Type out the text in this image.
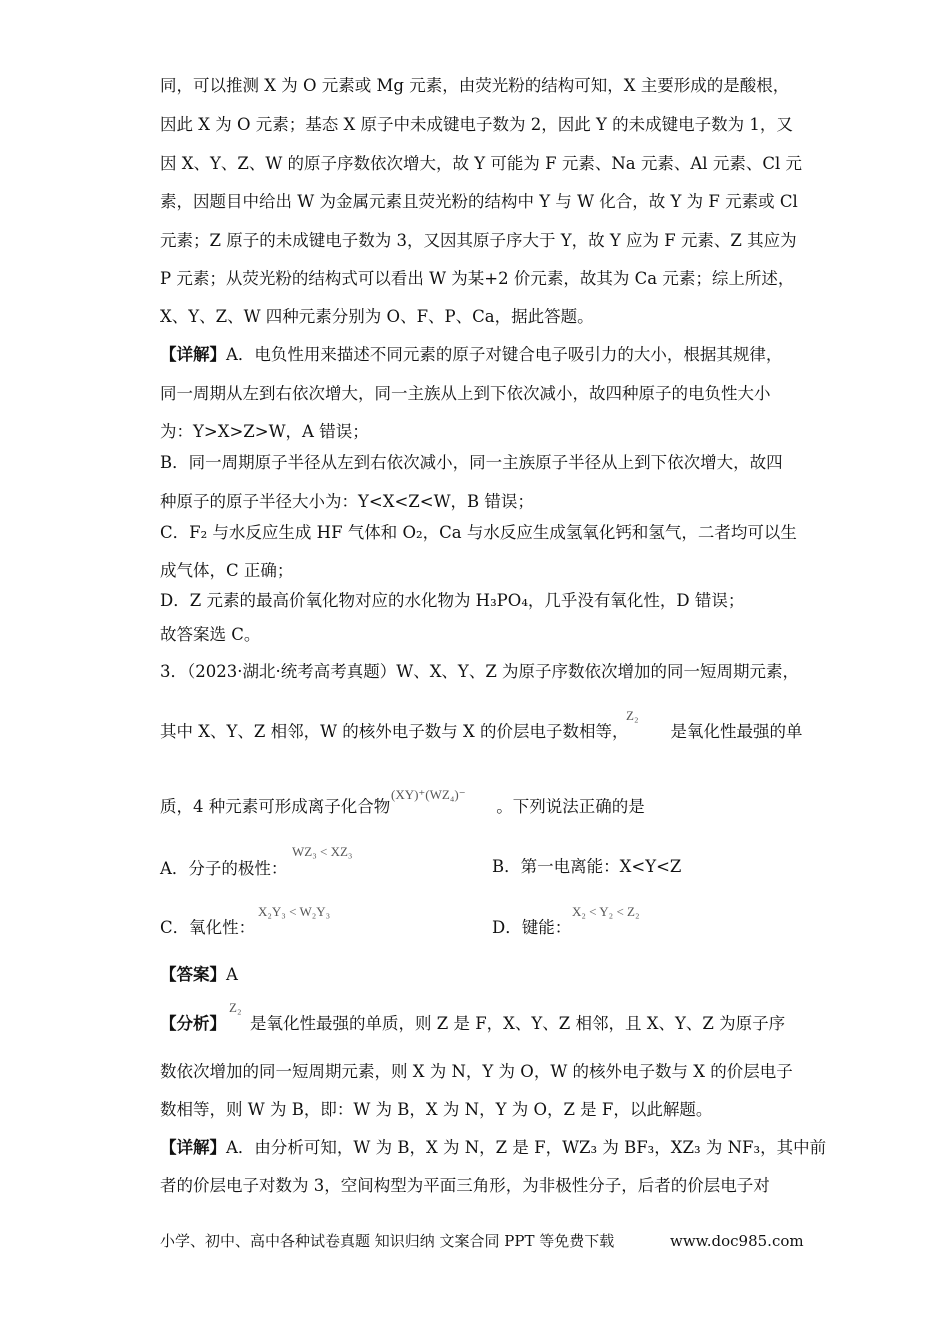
同，可以推测 X 为 O 元素或 Mg 元素，由荧光粉的结构可知，X 主要形成的是酸根，
因此 X 为 O 元素；基态 X 原子中未成键电子数为 2，因此 Y 的未成键电子数为 1，又
因 X、Y、Z、W 的原子序数依次增大，故 Y 可能为 F 元素、Na 元素、Al 元素、Cl 元
素，因题目中给出 W 为金属元素且荧光粉的结构中 Y 与 W 化合，故 Y 为 F 元素或 Cl
元素；Z 原子的未成键电子数为 3，又因其原子序大于 Y，故 Y 应为 F 元素、Z 其应为
P 元素；从荧光粉的结构式可以看出 W 为某+2 价元素，故其为 Ca 元素；综上所述，
X、Y、Z、W 四种元素分别为 O、F、P、Ca，据此答题。
【详解】A．电负性用来描述不同元素的原子对键合电子吸引力的大小，根据其规律，
同一周期从左到右依次增大，同一主族从上到下依次减小，故四种原子的电负性大小
为：Y>X>Z>W，A 错误；
B．同一周期原子半径从左到右依次减小，同一主族原子半径从上到下依次增大，故四
种原子的原子半径大小为：Y<X<Z<W，B 错误；
C．F₂ 与水反应生成 HF 气体和 O₂，Ca 与水反应生成氢氧化钙和氢气，二者均可以生
成气体，C 正确；
D．Z 元素的最高价氧化物对应的水化物为 H₃PO₄，几乎没有氧化性，D 错误；
故答案选 C。
3．（2023·湖北·统考高考真题）W、X、Y、Z 为原子序数依次增加的同一短周期元素，
其中 X、Y、Z 相邻，W 的核外电子数与 X 的价层电子数相等，	是氧化性最强的单
Z₂
质，4 种元素可形成离子化合物	。下列说法正确的是
(XY)⁺(WZ₄)⁻
A．分子的极性：
WZ₃ < XZ₃
B．第一电离能：X<Y<Z
C．氧化性：
X₂Y₃ < W₂Y₃
D．键能：
X₂ < Y₂ < Z₂
【答案】A
【分析】 是氧化性最强的单质，则 Z 是 F，X、Y、Z 相邻，且 X、Y、Z 为原子序
Z₂
数依次增加的同一短周期元素，则 X 为 N，Y 为 O，W 的核外电子数与 X 的价层电子
数相等，则 W 为 B，即：W 为 B，X 为 N，Y 为 O，Z 是 F，以此解题。
【详解】A．由分析可知，W 为 B，X 为 N，Z 是 F，WZ₃ 为 BF₃，XZ₃ 为 NF₃，其中前
者的价层电子对数为 3，空间构型为平面三角形，为非极性分子，后者的价层电子对
小学、初中、高中各种试卷真题 知识归纳 文案合同 PPT 等免费下载	www.doc985.com
